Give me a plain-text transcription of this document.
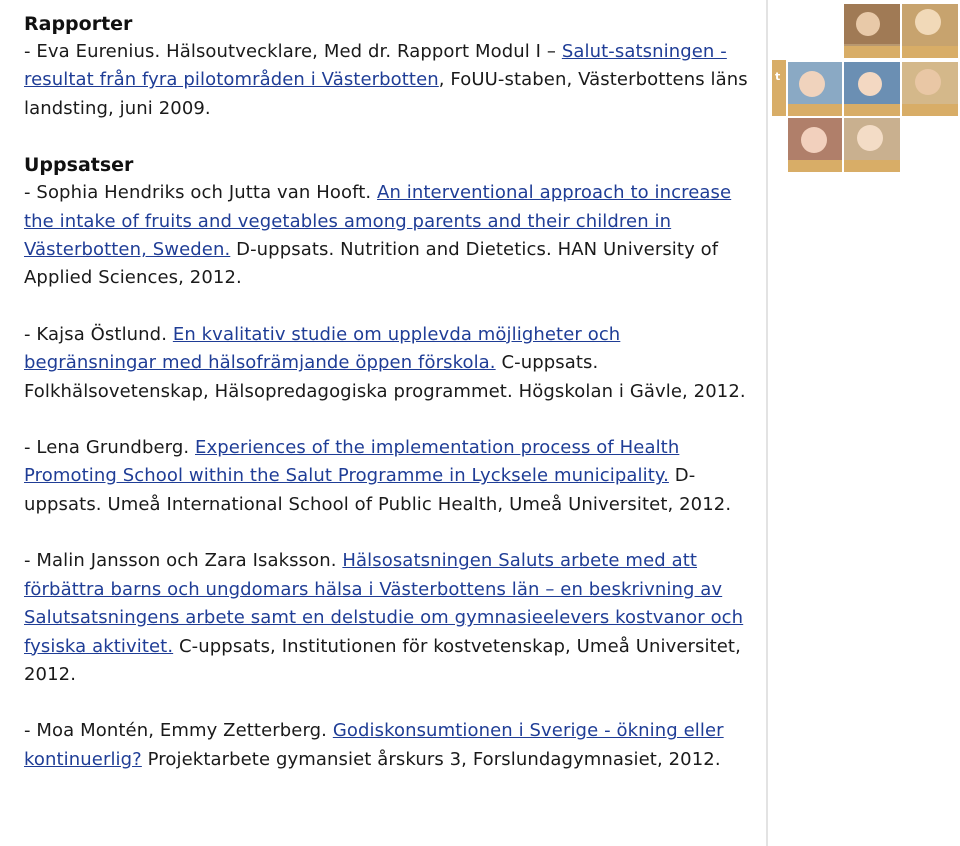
Rapporter

- Eva Eurenius. Hälsoutvecklare, Med dr. Rapport Modul I – Salut-satsningen - resultat från fyra pilotområden i Västerbotten, FoUU-staben, Västerbottens läns landsting, juni 2009.

Uppsatser

- Sophia Hendriks och Jutta van Hooft. An interventional approach to increase the intake of fruits and vegetables among parents and their children in Västerbotten, Sweden. D-uppsats. Nutrition and Dietetics. HAN University of Applied Sciences, 2012.

- Kajsa Östlund. En kvalitativ studie om upplevda möjligheter och begränsningar med hälsofrämjande öppen förskola. C-uppsats. Folkhälsovetenskap, Hälsopredagogiska programmet. Högskolan i Gävle, 2012.

- Lena Grundberg. Experiences of the implementation process of Health Promoting School within the Salut Programme in Lycksele municipality. D-uppsats. Umeå International School of Public Health, Umeå Universitet, 2012.

- Malin Jansson och Zara Isaksson. Hälsosatsningen Saluts arbete med att förbättra barns och ungdomars hälsa i Västerbottens län – en beskrivning av Salutsatsningens arbete samt en delstudie om gymnasieelevers kostvanor och fysiska aktivitet. C-uppsats, Institutionen för kostvetenskap, Umeå Universitet, 2012.

- Moa Montén, Emmy Zetterberg. Godiskonsumtionen i Sverige - ökning eller kontinuerlig? Projektarbete gymansiet årskurs 3, Forslundagymnasiet, 2012.

t
